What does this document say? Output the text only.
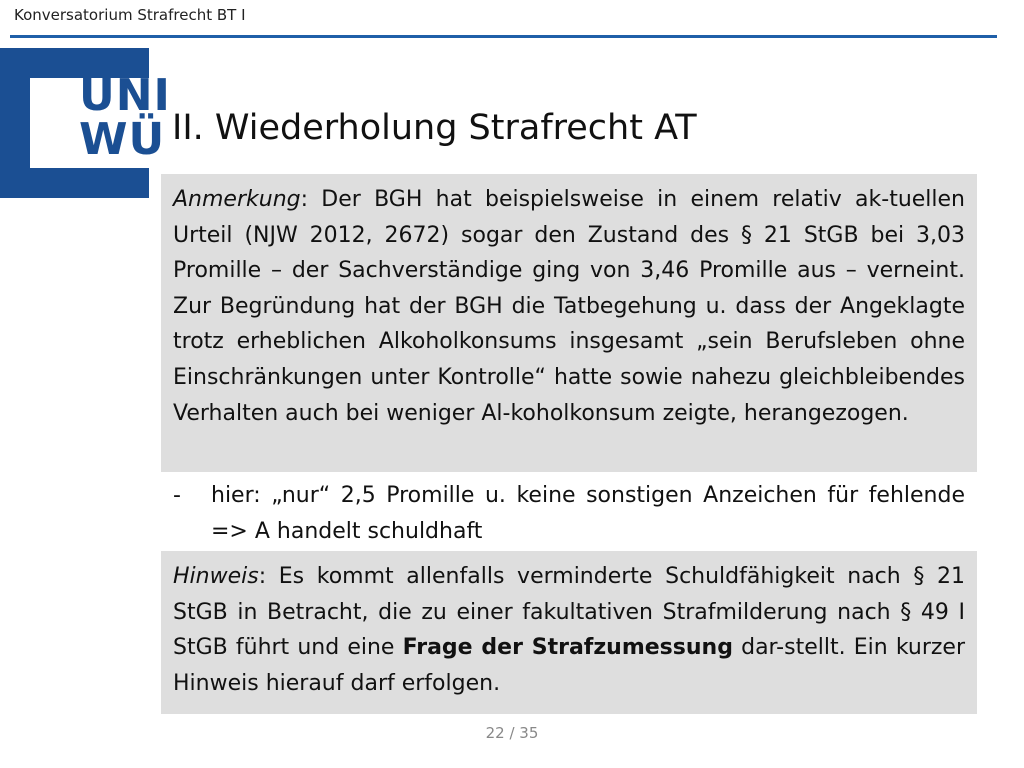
Konversatorium Strafrecht BT I
UNI
WÜ II. Wiederholung Strafrecht AT

Anmerkung: Der BGH hat beispielsweise in einem relativ ak-tuellen Urteil (NJW 2012, 2672) sogar den Zustand des § 21 StGB bei 3,03 Promille – der Sachverständige ging von 3,46 Promille aus – verneint. Zur Begründung hat der BGH die Tatbegehung u. dass der Angeklagte trotz erheblichen Alkoholkonsums insgesamt „sein Berufsleben ohne Einschränkungen unter Kontrolle“ hatte sowie nahezu gleichbleibendes Verhalten auch bei weniger Al-koholkonsum zeigte, herangezogen.

- hier: „nur“ 2,5 Promille u. keine sonstigen Anzeichen für fehlende => A handelt schuldhaft

Hinweis: Es kommt allenfalls verminderte Schuldfähigkeit nach § 21 StGB in Betracht, die zu einer fakultativen Strafmilderung nach § 49 I StGB führt und eine Frage der Strafzumessung dar-stellt. Ein kurzer Hinweis hierauf darf erfolgen.

22 / 35
